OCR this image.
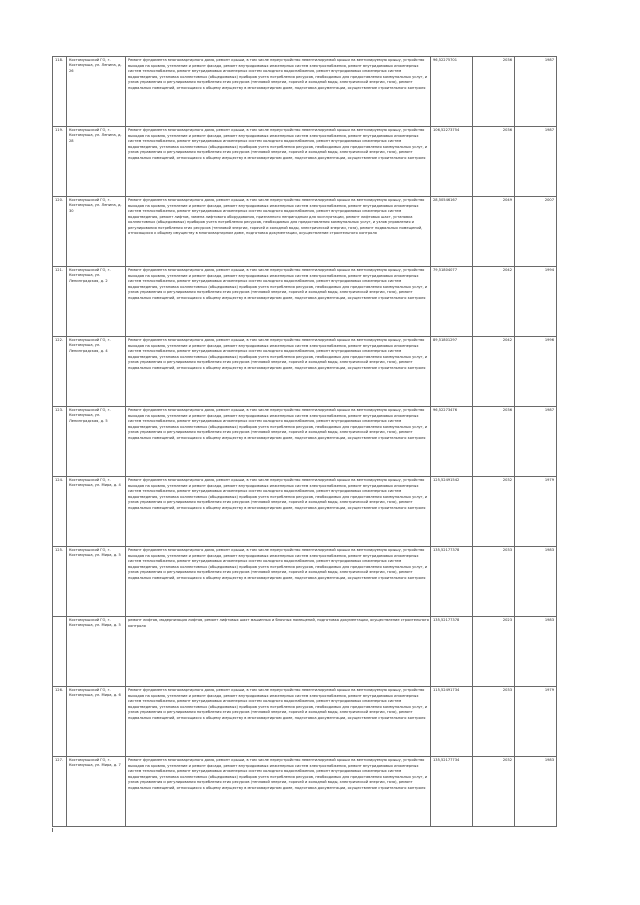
118.	Костомукшский ГО, г. Костомукша, ул. Ленина, д. 26	Ремонт фундамента многоквартирного дома, ремонт крыши, в том числе переустройство невентилируемой крыши на вентилируемую крышу, устройство выходов на кровлю, утепление и ремонт фасада, ремонт внутридомовых инженерных систем электроснабжения, ремонт внутридомовых инженерных систем теплоснабжения, ремонт внутридомовых инженерных систем холодного водоснабжения, ремонт внутридомовых инженерных систем водоотведения, установка коллективных (общедомовых) приборов учета потребления ресурсов, необходимых для предоставления коммунальных услуг, и узлов управления и регулирования потребления этих ресурсов (тепловой энергии, горячей и холодной воды, электрической энергии, газа), ремонт подвальных помещений, относящихся к общему имуществу в многоквартирном доме, подготовка документации, осуществление строительного контроля	96,52275701	2036	1987
119.	Костомукшский ГО, г. Костомукша, ул. Ленина, д. 28	Ремонт фундамента многоквартирного дома, ремонт крыши, в том числе переустройство невентилируемой крыши на вентилируемую крышу, устройство выходов на кровлю, утепление и ремонт фасада, ремонт внутридомовых инженерных систем электроснабжения, ремонт внутридомовых инженерных систем теплоснабжения, ремонт внутридомовых инженерных систем холодного водоснабжения, ремонт внутридомовых инженерных систем водоотведения, установка коллективных (общедомовых) приборов учета потребления ресурсов, необходимых для предоставления коммунальных услуг, и узлов управления и регулирования потребления этих ресурсов (тепловой энергии, горячей и холодной воды, электрической энергии, газа), ремонт подвальных помещений, относящихся к общему имуществу в многоквартирном доме, подготовка документации, осуществление строительного контроля	106,52273754	2036	1987
120.	Костомукшский ГО, г. Костомукша, ул. Ленина, д. 30	Ремонт фундамента многоквартирного дома, ремонт крыши, в том числе переустройство невентилируемой крыши на вентилируемую крышу, устройство выходов на кровлю, утепление и ремонт фасада, ремонт внутридомовых инженерных систем электроснабжения, ремонт внутридомовых инженерных систем теплоснабжения, ремонт внутридомовых инженерных систем холодного водоснабжения, ремонт внутридомовых инженерных систем водоотведения, ремонт лифтов, замена лифтового оборудования, признанного непригодным для эксплуатации, ремонт лифтовых шахт, установка коллективных (общедомовых) приборов учета потребления ресурсов, необходимых для предоставления коммунальных услуг, и узлов управления и регулирования потребления этих ресурсов (тепловой энергии, горячей и холодной воды, электрической энергии, газа), ремонт подвальных помещений, относящихся к общему имуществу в многоквартирном доме, подготовка документации, осуществление строительного контроля	28,50546167	2049	2007
121.	Костомукшский ГО, г. Костомукша, ул. Ленинградская, д. 2	Ремонт фундамента многоквартирного дома, ремонт крыши, в том числе переустройство невентилируемой крыши на вентилируемую крышу, устройство выходов на кровлю, утепление и ремонт фасада, ремонт внутридомовых инженерных систем электроснабжения, ремонт внутридомовых инженерных систем теплоснабжения, ремонт внутридомовых инженерных систем холодного водоснабжения, ремонт внутридомовых инженерных систем водоотведения, установка коллективных (общедомовых) приборов учета потребления ресурсов, необходимых для предоставления коммунальных услуг, и узлов управления и регулирования потребления этих ресурсов (тепловой энергии, горячей и холодной воды, электрической энергии, газа), ремонт подвальных помещений, относящихся к общему имуществу в многоквартирном доме, подготовка документации, осуществление строительного контроля	79,51804077	2042	1994
122.	Костомукшский ГО, г. Костомукша, ул. Ленинградская, д. 4	Ремонт фундамента многоквартирного дома, ремонт крыши, в том числе переустройство невентилируемой крыши на вентилируемую крышу, устройство выходов на кровлю, утепление и ремонт фасада, ремонт внутридомовых инженерных систем электроснабжения, ремонт внутридомовых инженерных систем теплоснабжения, ремонт внутридомовых инженерных систем холодного водоснабжения, ремонт внутридомовых инженерных систем водоотведения, установка коллективных (общедомовых) приборов учета потребления ресурсов, необходимых для предоставления коммунальных услуг, и узлов управления и регулирования потребления этих ресурсов (тепловой энергии, горячей и холодной воды, электрической энергии, газа), ремонт подвальных помещений, относящихся к общему имуществу в многоквартирном доме, подготовка документации, осуществление строительного контроля	89,51801297	2042	1996
123.	Костомукшский ГО, г. Костомукша, ул. Ленинградская, д. 5	Ремонт фундамента многоквартирного дома, ремонт крыши, в том числе переустройство невентилируемой крыши на вентилируемую крышу, устройство выходов на кровлю, утепление и ремонт фасада, ремонт внутридомовых инженерных систем электроснабжения, ремонт внутридомовых инженерных систем теплоснабжения, ремонт внутридомовых инженерных систем холодного водоснабжения, ремонт внутридомовых инженерных систем водоотведения, установка коллективных (общедомовых) приборов учета потребления ресурсов, необходимых для предоставления коммунальных услуг, и узлов управления и регулирования потребления этих ресурсов (тепловой энергии, горячей и холодной воды, электрической энергии, газа), ремонт подвальных помещений, относящихся к общему имуществу в многоквартирном доме, подготовка документации, осуществление строительного контроля	96,52273476	2036	1987
124.	Костомукшский ГО, г. Костомукша, ул. Мира, д. 4	Ремонт фундамента многоквартирного дома, ремонт крыши, в том числе переустройство невентилируемой крыши на вентилируемую крышу, устройство выходов на кровлю, утепление и ремонт фасада, ремонт внутридомовых инженерных систем электроснабжения, ремонт внутридомовых инженерных систем теплоснабжения, ремонт внутридомовых инженерных систем холодного водоснабжения, ремонт внутридомовых инженерных систем водоотведения, установка коллективных (общедомовых) приборов учета потребления ресурсов, необходимых для предоставления коммунальных услуг, и узлов управления и регулирования потребления этих ресурсов (тепловой энергии, горячей и холодной воды, электрической энергии, газа), ремонт подвальных помещений, относящихся к общему имуществу в многоквартирном доме, подготовка документации, осуществление строительного контроля	125,52491542	2032	1979
125.	Костомукшский ГО, г. Костомукша, ул. Мира, д. 5	Ремонт фундамента многоквартирного дома, ремонт крыши, в том числе переустройство невентилируемой крыши на вентилируемую крышу, устройство выходов на кровлю, утепление и ремонт фасада, ремонт внутридомовых инженерных систем электроснабжения, ремонт внутридомовых инженерных систем теплоснабжения, ремонт внутридомовых инженерных систем холодного водоснабжения, ремонт внутридомовых инженерных систем водоотведения, установка коллективных (общедомовых) приборов учета потребления ресурсов, необходимых для предоставления коммунальных услуг, и узлов управления и регулирования потребления этих ресурсов (тепловой энергии, горячей и холодной воды, электрической энергии, газа), ремонт подвальных помещений, относящихся к общему имуществу в многоквартирном доме, подготовка документации, осуществление строительного контроля	135,52177378	2033	1983
	Костомукшский ГО, г. Костомукша, ул. Мира, д. 5	ремонт лифтов, модернизация лифтов, ремонт лифтовых шахт машинных и блочных помещений, подготовка документации, осуществление строительного контроля	135,52177378	2023	1983
126.	Костомукшский ГО, г. Костомукша, ул. Мира, д. 6	Ремонт фундамента многоквартирного дома, ремонт крыши, в том числе переустройство невентилируемой крыши на вентилируемую крышу, устройство выходов на кровлю, утепление и ремонт фасада, ремонт внутридомовых инженерных систем электроснабжения, ремонт внутридомовых инженерных систем теплоснабжения, ремонт внутридомовых инженерных систем холодного водоснабжения, ремонт внутридомовых инженерных систем водоотведения, установка коллективных (общедомовых) приборов учета потребления ресурсов, необходимых для предоставления коммунальных услуг, и узлов управления и регулирования потребления этих ресурсов (тепловой энергии, горячей и холодной воды, электрической энергии, газа), ремонт подвальных помещений, относящихся к общему имуществу в многоквартирном доме, подготовка документации, осуществление строительного контроля	115,52491734	2033	1979
127.	Костомукшский ГО, г. Костомукша, ул. Мира, д. 7	Ремонт фундамента многоквартирного дома, ремонт крыши, в том числе переустройство невентилируемой крыши на вентилируемую крышу, устройство выходов на кровлю, утепление и ремонт фасада, ремонт внутридомовых инженерных систем электроснабжения, ремонт внутридомовых инженерных систем теплоснабжения, ремонт внутридомовых инженерных систем холодного водоснабжения, ремонт внутридомовых инженерных систем водоотведения, установка коллективных (общедомовых) приборов учета потребления ресурсов, необходимых для предоставления коммунальных услуг, и узлов управления и регулирования потребления этих ресурсов (тепловой энергии, горячей и холодной воды, электрической энергии, газа), ремонт подвальных помещений, относящихся к общему имуществу в многоквартирном доме, подготовка документации, осуществление строительного контроля	135,52177734	2032	1983
